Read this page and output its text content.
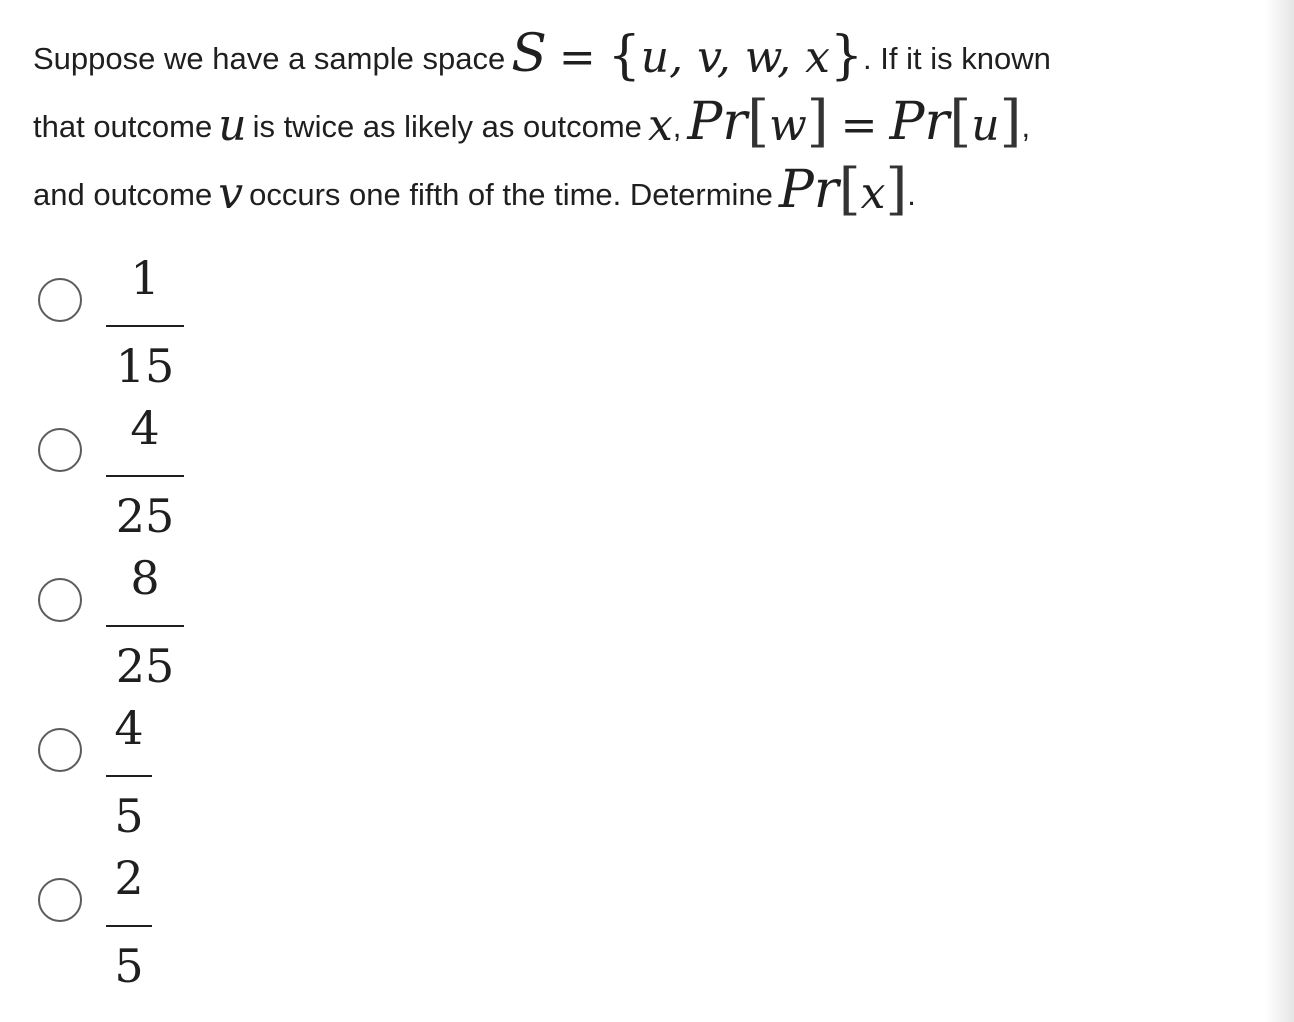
Suppose we have a sample space S = { u, v, w, x } . If it is known
that outcome u is twice as likely as outcome x , Pr [ w ] = Pr [ u ] ,
and outcome v occurs one fifth of the time. Determine Pr [ x ] .
1
15
4
25
8
25
4
5
2
5
